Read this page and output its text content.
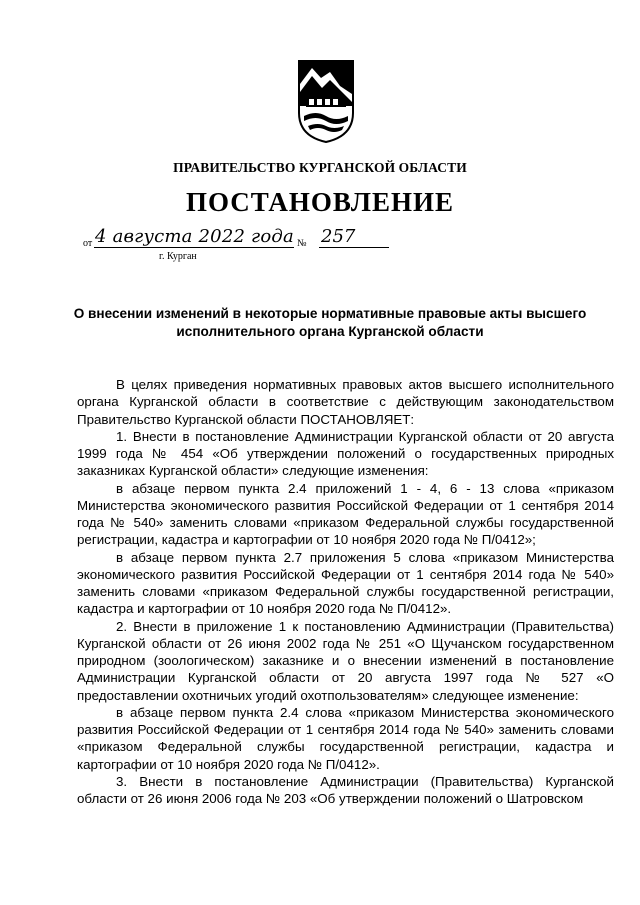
ПРАВИТЕЛЬСТВО КУРГАНСКОЙ ОБЛАСТИ
ПОСТАНОВЛЕНИЕ
от 4 августа 2022 года № 257
г. Курган
О внесении изменений в некоторые нормативные правовые акты высшего исполнительного органа Курганской области

В целях приведения нормативных правовых актов высшего исполнительного органа Курганской области в соответствие с действующим законодательством Правительство Курганской области ПОСТАНОВЛЯЕТ:

1. Внести в постановление Администрации Курганской области от 20 августа 1999 года № 454 «Об утверждении положений о государственных природных заказниках Курганской области» следующие изменения:

в абзаце первом пункта 2.4 приложений 1 - 4, 6 - 13 слова «приказом Министерства экономического развития Российской Федерации от 1 сентября 2014 года № 540» заменить словами «приказом Федеральной службы государственной регистрации, кадастра и картографии от 10 ноября 2020 года № П/0412»;

в абзаце первом пункта 2.7 приложения 5 слова «приказом Министерства экономического развития Российской Федерации от 1 сентября 2014 года № 540» заменить словами «приказом Федеральной службы государственной регистрации, кадастра и картографии от 10 ноября 2020 года № П/0412».

2. Внести в приложение 1 к постановлению Администрации (Правительства) Курганской области от 26 июня 2002 года № 251 «О Щучанском государственном природном (зоологическом) заказнике и о внесении изменений в постановление Администрации Курганской области от 20 августа 1997 года № 527 «О предоставлении охотничьих угодий охотпользователям» следующее изменение:

в абзаце первом пункта 2.4 слова «приказом Министерства экономического развития Российской Федерации от 1 сентября 2014 года № 540» заменить словами «приказом Федеральной службы государственной регистрации, кадастра и картографии от 10 ноября 2020 года № П/0412».

3. Внести в постановление Администрации (Правительства) Курганской области от 26 июня 2006 года № 203 «Об утверждении положений о Шатровском
